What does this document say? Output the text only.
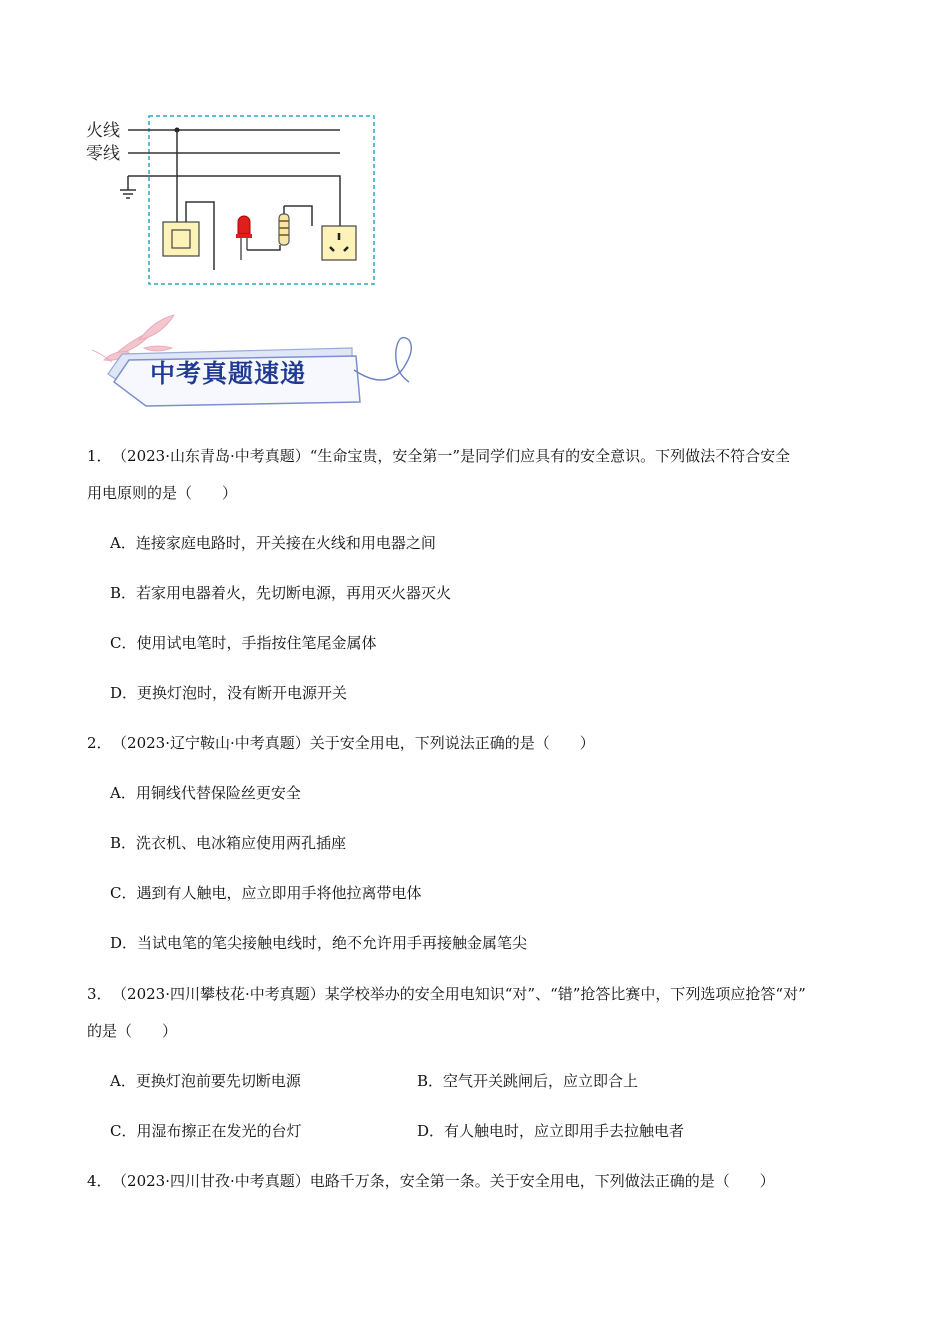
火线
零线
中考真题速递
1． （2023·山东青岛·中考真题）“生命宝贵，安全第一”是同学们应具有的安全意识。下列做法不符合安全
用电原则的是（　　）
A．连接家庭电路时，开关接在火线和用电器之间
B．若家用电器着火，先切断电源，再用灭火器灭火
C．使用试电笔时，手指按住笔尾金属体
D．更换灯泡时，没有断开电源开关
2． （2023·辽宁鞍山·中考真题）关于安全用电，下列说法正确的是（　　）
A．用铜线代替保险丝更安全
B．洗衣机、电冰箱应使用两孔插座
C．遇到有人触电，应立即用手将他拉离带电体
D．当试电笔的笔尖接触电线时，绝不允许用手再接触金属笔尖
3． （2023·四川攀枝花·中考真题）某学校举办的安全用电知识“对”、“错”抢答比赛中，下列选项应抢答“对”
的是（　　）
A．更换灯泡前要先切断电源	B．空气开关跳闸后，应立即合上
C．用湿布擦正在发光的台灯	D．有人触电时，应立即用手去拉触电者
4． （2023·四川甘孜·中考真题）电路千万条，安全第一条。关于安全用电，下列做法正确的是（　　）
